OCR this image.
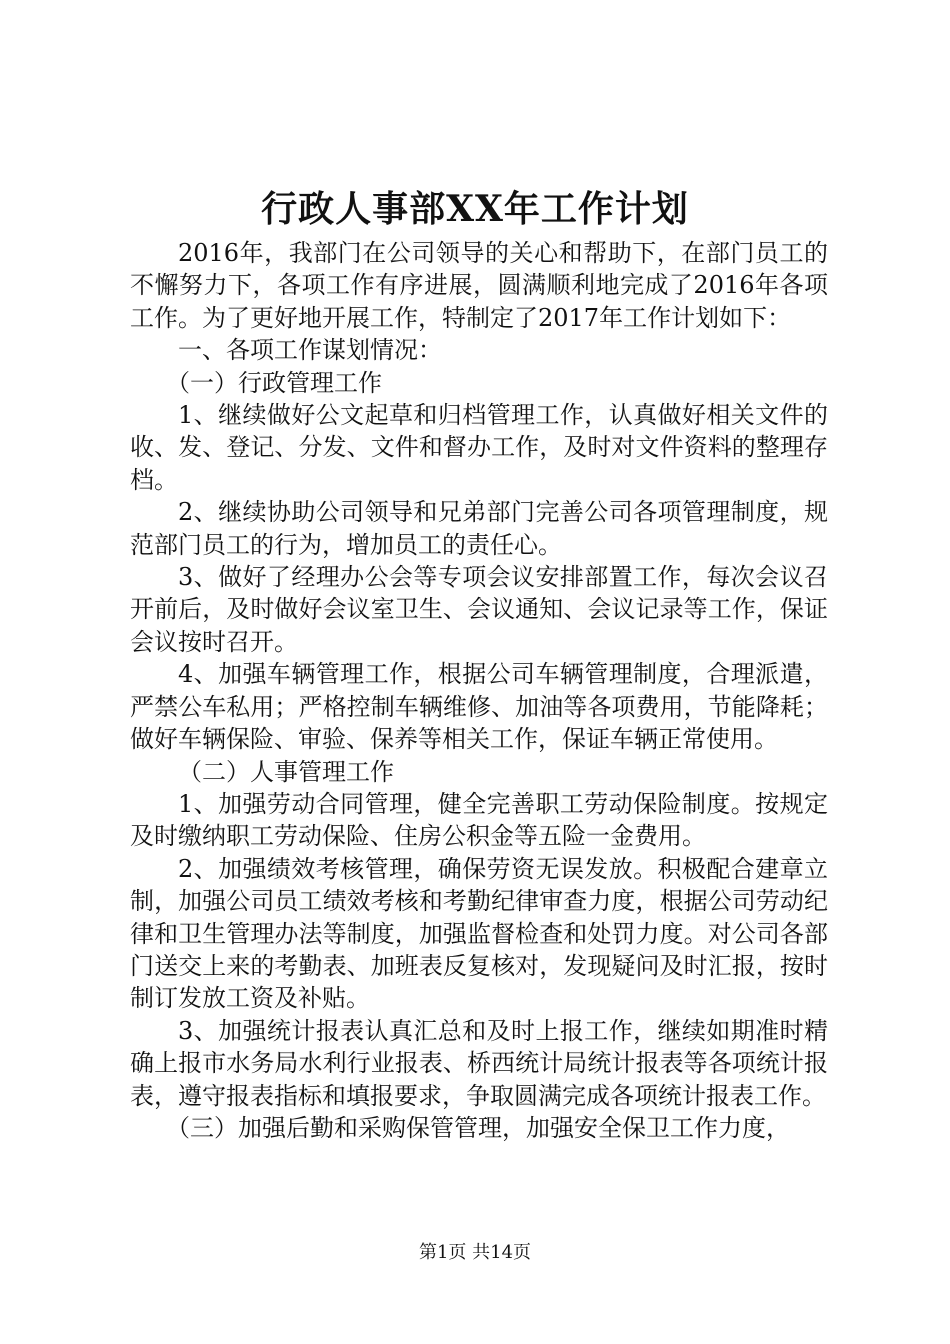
行政人事部XX年工作计划

2016年，我部门在公司领导的关心和帮助下，在部门员工的不懈努力下，各项工作有序进展，圆满顺利地完成了2016年各项工作。为了更好地开展工作，特制定了2017年工作计划如下：

一、各项工作谋划情况：

（一）行政管理工作

1、继续做好公文起草和归档管理工作，认真做好相关文件的收、发、登记、分发、文件和督办工作，及时对文件资料的整理存档。

2、继续协助公司领导和兄弟部门完善公司各项管理制度，规范部门员工的行为，增加员工的责任心。

3、做好了经理办公会等专项会议安排部置工作，每次会议召开前后，及时做好会议室卫生、会议通知、会议记录等工作，保证会议按时召开。

4、加强车辆管理工作，根据公司车辆管理制度，合理派遣，严禁公车私用；严格控制车辆维修、加油等各项费用，节能降耗；做好车辆保险、审验、保养等相关工作，保证车辆正常使用。

（二）人事管理工作

1、加强劳动合同管理，健全完善职工劳动保险制度。按规定及时缴纳职工劳动保险、住房公积金等五险一金费用。

2、加强绩效考核管理，确保劳资无误发放。积极配合建章立制，加强公司员工绩效考核和考勤纪律审查力度，根据公司劳动纪律和卫生管理办法等制度，加强监督检查和处罚力度。对公司各部门送交上来的考勤表、加班表反复核对，发现疑问及时汇报，按时制订发放工资及补贴。

3、加强统计报表认真汇总和及时上报工作，继续如期准时精确上报市水务局水利行业报表、桥西统计局统计报表等各项统计报表，遵守报表指标和填报要求，争取圆满完成各项统计报表工作。

（三）加强后勤和采购保管管理，加强安全保卫工作力度，

第1页 共14页
